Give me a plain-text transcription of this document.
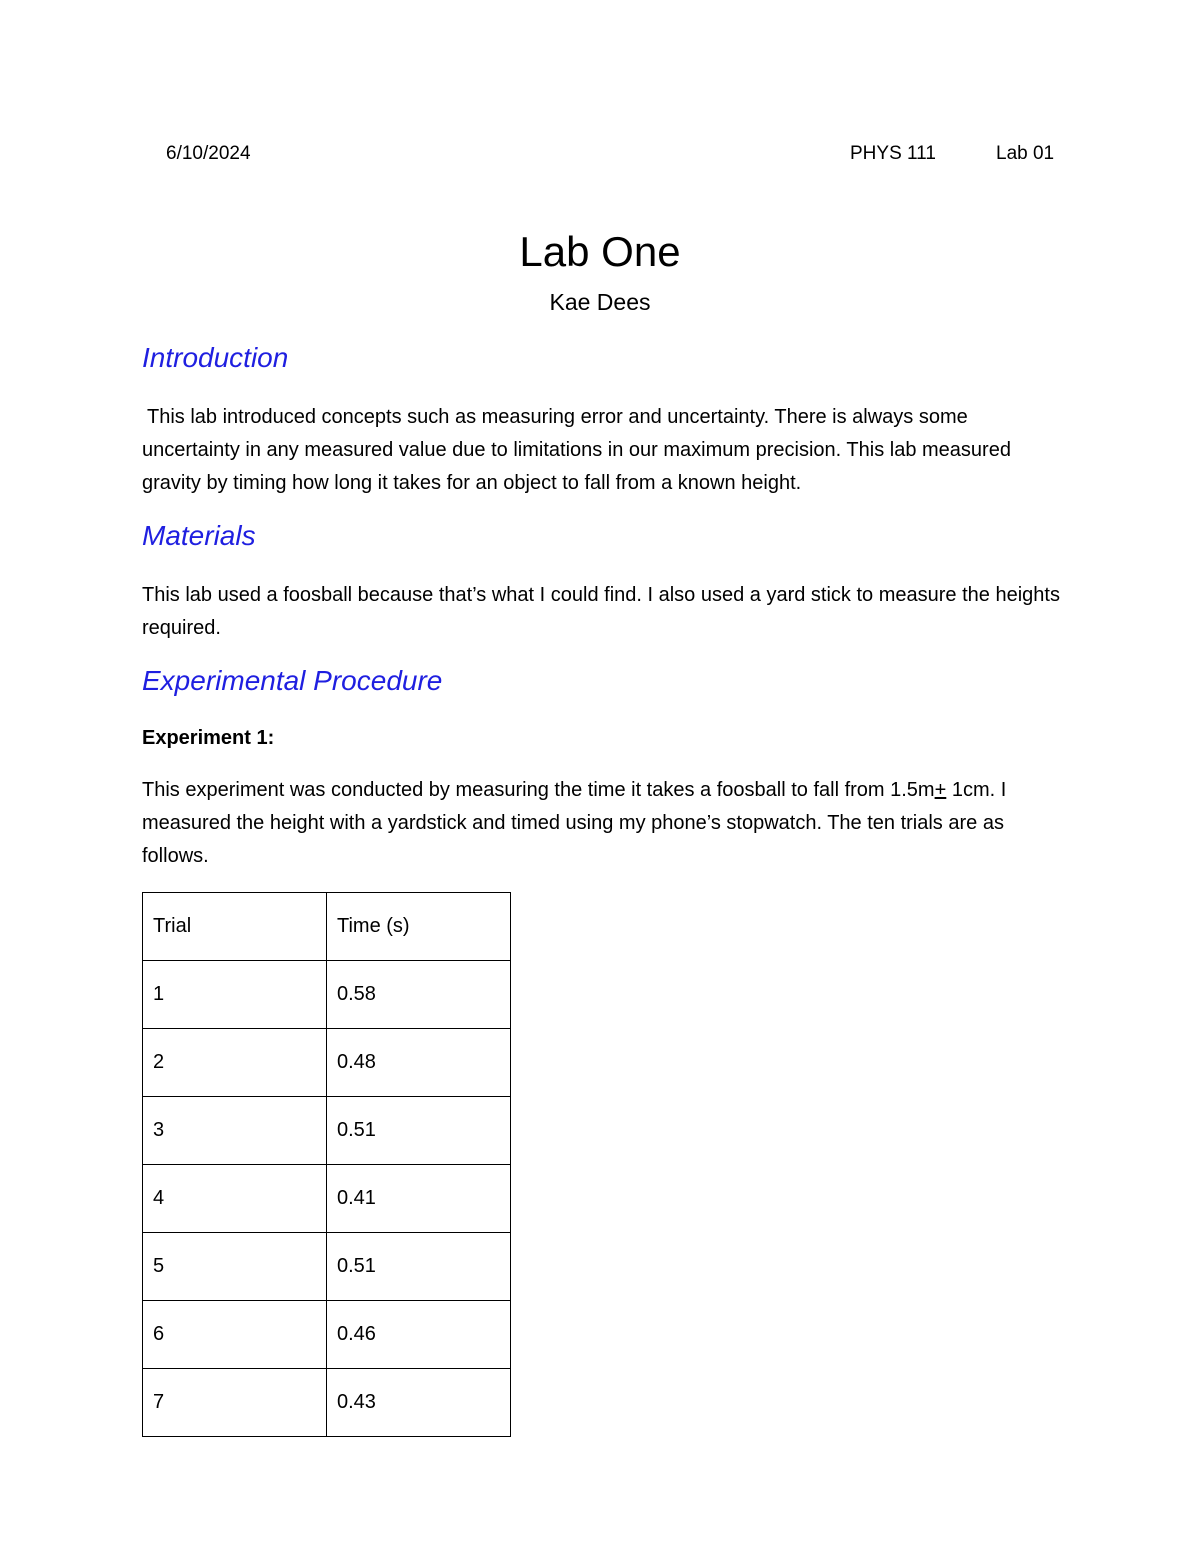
6/10/2024	PHYS 111	Lab 01
Lab One
Kae Dees
Introduction
This lab introduced concepts such as measuring error and uncertainty. There is always some uncertainty in any measured value due to limitations in our maximum precision. This lab measured gravity by timing how long it takes for an object to fall from a known height.
Materials
This lab used a foosball because that’s what I could find. I also used a yard stick to measure the heights required.
Experimental Procedure
Experiment 1:
This experiment was conducted by measuring the time it takes a foosball to fall from 1.5m+ 1cm. I measured the height with a yardstick and timed using my phone’s stopwatch. The ten trials are as follows.
Trial	Time (s)
1	0.58
2	0.48
3	0.51
4	0.41
5	0.51
6	0.46
7	0.43
